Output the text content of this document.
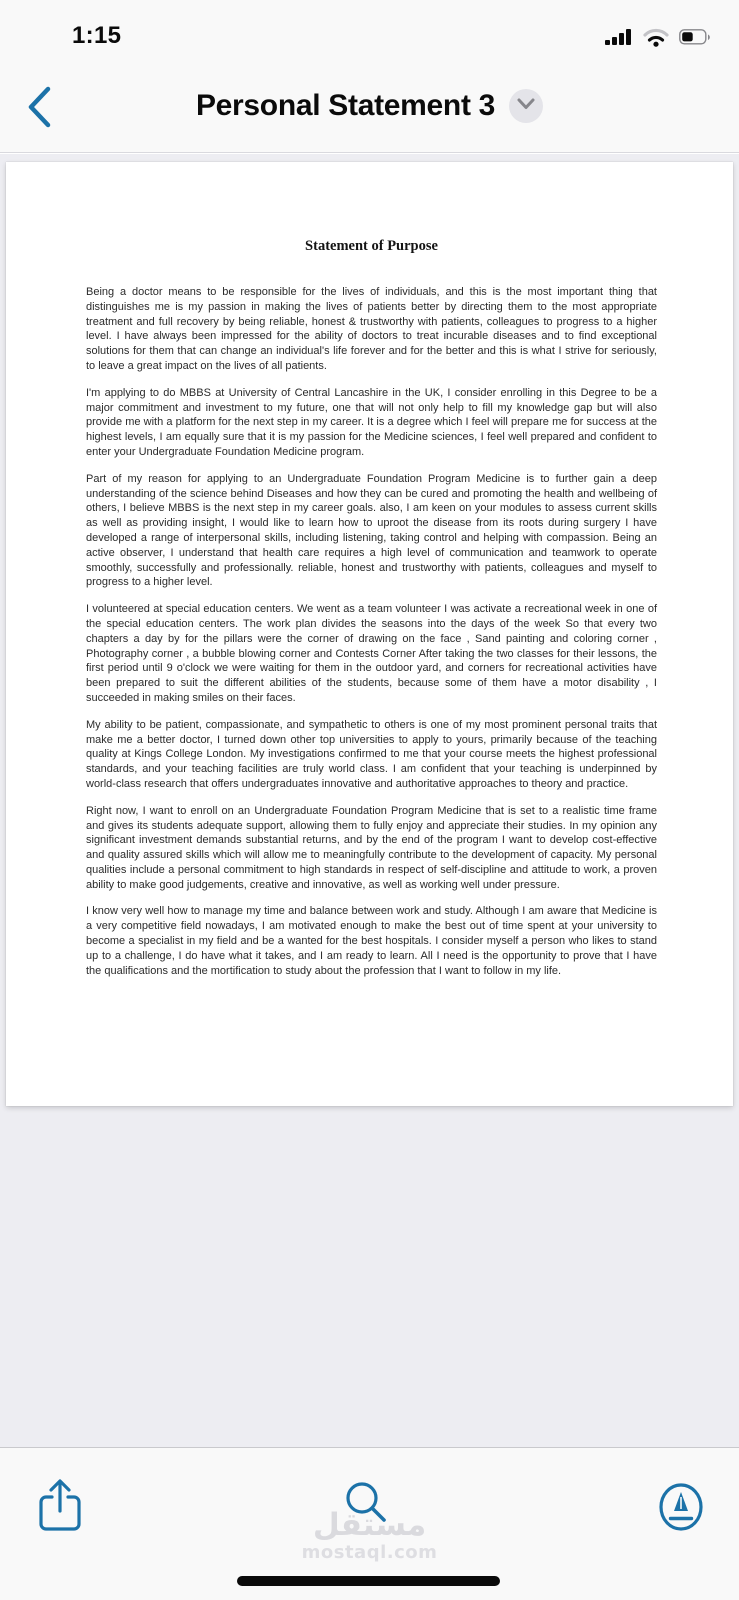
1:15
Personal Statement 3
Statement of Purpose

Being a doctor means to be responsible for the lives of individuals, and this is the most important thing that distinguishes me is my passion in making the lives of patients better by directing them to the most appropriate treatment and full recovery by being reliable, honest & trustworthy with patients, colleagues to progress to a higher level. I have always been impressed for the ability of doctors to treat incurable diseases and to find exceptional solutions for them that can change an individual's life forever and for the better and this is what I strive for seriously, to leave a great impact on the lives of all patients.

I'm applying to do MBBS at University of Central Lancashire in the UK, I consider enrolling in this Degree to be a major commitment and investment to my future, one that will not only help to fill my knowledge gap but will also provide me with a platform for the next step in my career. It is a degree which I feel will prepare me for success at the highest levels, I am equally sure that it is my passion for the Medicine sciences, I feel well prepared and confident to enter your Undergraduate Foundation Medicine program.

Part of my reason for applying to an Undergraduate Foundation Program Medicine is to further gain a deep understanding of the science behind Diseases and how they can be cured and promoting the health and wellbeing of others, I believe MBBS is the next step in my career goals. also, I am keen on your modules to assess current skills as well as providing insight, I would like to learn how to uproot the disease from its roots during surgery I have developed a range of interpersonal skills, including listening, taking control and helping with compassion. Being an active observer, I understand that health care requires a high level of communication and teamwork to operate smoothly, successfully and professionally. reliable, honest and trustworthy with patients, colleagues and myself to progress to a higher level.

I volunteered at special education centers. We went as a team volunteer I was activate a recreational week in one of the special education centers. The work plan divides the seasons into the days of the week So that every two chapters a day by for the pillars were the corner of drawing on the face , Sand painting and coloring corner , Photography corner , a bubble blowing corner and Contests Corner After taking the two classes for their lessons, the first period until 9 o'clock we were waiting for them in the outdoor yard, and corners for recreational activities have been prepared to suit the different abilities of the students, because some of them have a motor disability , I succeeded in making smiles on their faces.

My ability to be patient, compassionate, and sympathetic to others is one of my most prominent personal traits that make me a better doctor, I turned down other top universities to apply to yours, primarily because of the teaching quality at Kings College London. My investigations confirmed to me that your course meets the highest professional standards, and your teaching facilities are truly world class. I am confident that your teaching is underpinned by world-class research that offers undergraduates innovative and authoritative approaches to theory and practice.

Right now, I want to enroll on an Undergraduate Foundation Program Medicine that is set to a realistic time frame and gives its students adequate support, allowing them to fully enjoy and appreciate their studies. In my opinion any significant investment demands substantial returns, and by the end of the program I want to develop cost-effective and quality assured skills which will allow me to meaningfully contribute to the development of capacity. My personal qualities include a personal commitment to high standards in respect of self-discipline and attitude to work, a proven ability to make good judgements, creative and innovative, as well as working well under pressure.

I know very well how to manage my time and balance between work and study. Although I am aware that Medicine is a very competitive field nowadays, I am motivated enough to make the best out of time spent at your university to become a specialist in my field and be a wanted for the best hospitals. I consider myself a person who likes to stand up to a challenge, I do have what it takes, and I am ready to learn. All I need is the opportunity to prove that I have the qualifications and the mortification to study about the profession that I want to follow in my life.

مستقل
mostaql.com
